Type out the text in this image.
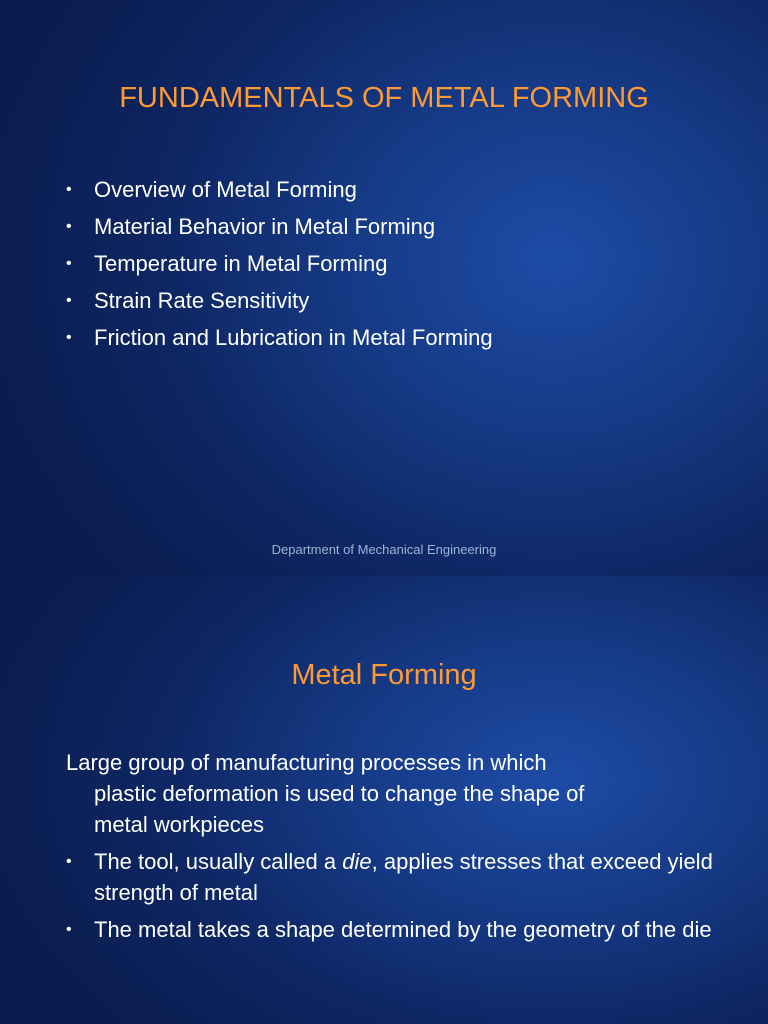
FUNDAMENTALS OF METAL FORMING
• Overview of Metal Forming
• Material Behavior in Metal Forming
• Temperature in Metal Forming
• Strain Rate Sensitivity
• Friction and Lubrication in Metal Forming
Department of Mechanical Engineering
Metal Forming

Large group of manufacturing processes in which
plastic deformation is used to change the shape of
metal workpieces

• The tool, usually called a die, applies stresses that exceed yield strength of metal
• The metal takes a shape determined by the geometry of the die
